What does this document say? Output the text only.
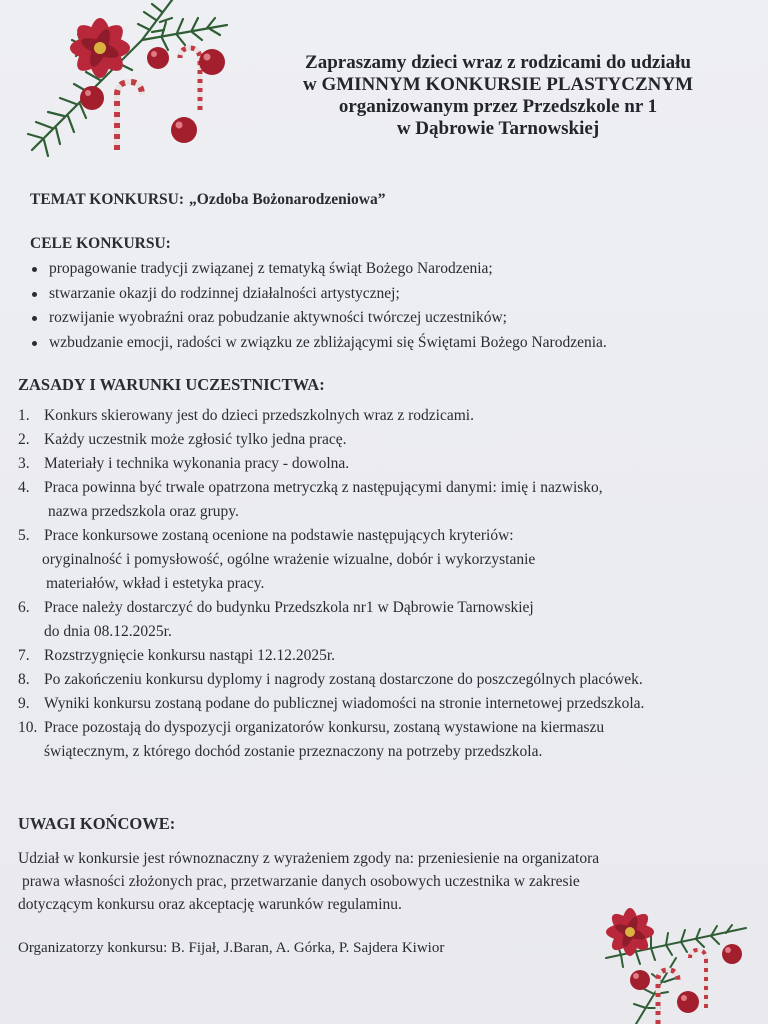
Zapraszamy dzieci wraz z rodzicami do udziału
w GMINNYM KONKURSIE PLASTYCZNYM
organizowanym przez Przedszkole nr 1
w Dąbrowie Tarnowskiej
TEMAT KONKURSU: „Ozdoba Bożonarodzeniowa”
CELE KONKURSU:
propagowanie tradycji związanej z tematyką świąt Bożego Narodzenia;
stwarzanie okazji do rodzinnej działalności artystycznej;
rozwijanie wyobraźni oraz pobudzanie aktywności twórczej uczestników;
wzbudzanie emocji, radości w związku ze zbliżającymi się Świętami Bożego Narodzenia.
ZASADY I WARUNKI UCZESTNICTWA:
1. Konkurs skierowany jest do dzieci przedszkolnych wraz z rodzicami.
2. Każdy uczestnik może zgłosić tylko jedna pracę.
3. Materiały i technika wykonania pracy - dowolna.
4. Praca powinna być trwale opatrzona metryczką z następującymi danymi: imię i nazwisko,
nazwa przedszkola oraz grupy.
5. Prace konkursowe zostaną ocenione na podstawie następujących kryteriów:
oryginalność i pomysłowość, ogólne wrażenie wizualne, dobór i wykorzystanie
materiałów, wkład i estetyka pracy.
6. Prace należy dostarczyć do budynku Przedszkola nr1 w Dąbrowie Tarnowskiej
do dnia 08.12.2025r.
7. Rozstrzygnięcie konkursu nastąpi 12.12.2025r.
8. Po zakończeniu konkursu dyplomy i nagrody zostaną dostarczone do poszczególnych placówek.
9. Wyniki konkursu zostaną podane do publicznej wiadomości na stronie internetowej przedszkola.
10. Prace pozostają do dyspozycji organizatorów konkursu, zostaną wystawione na kiermaszu
świątecznym, z którego dochód zostanie przeznaczony na potrzeby przedszkola.
UWAGI KOŃCOWE:
Udział w konkursie jest równoznaczny z wyrażeniem zgody na: przeniesienie na organizatora
prawa własności złożonych prac, przetwarzanie danych osobowych uczestnika w zakresie
dotyczącym konkursu oraz akceptację warunków regulaminu.
Organizatorzy konkursu: B. Fijał, J.Baran, A. Górka, P. Sajdera Kiwior
